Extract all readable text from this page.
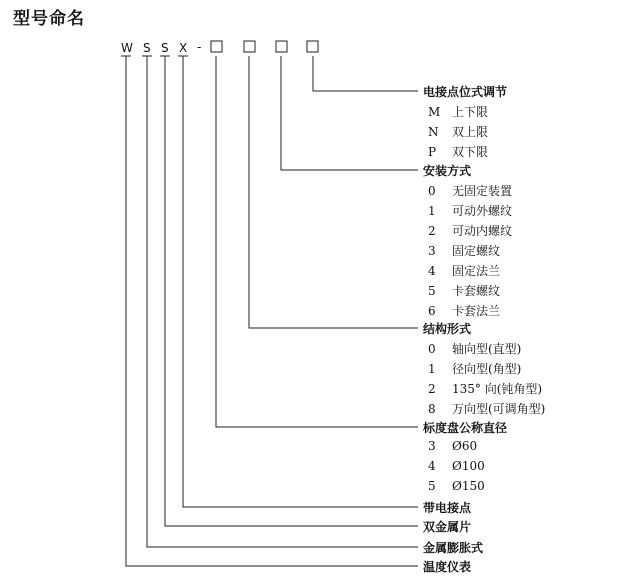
型号命名
W S S X -
电接点位式调节
M 上下限
N 双上限
P 双下限
安装方式
0 无固定装置
1 可动外螺纹
2 可动内螺纹
3 固定螺纹
4 固定法兰
5 卡套螺纹
6 卡套法兰
结构形式
0 轴向型(直型)
1 径向型(角型)
2 135° 向(钝角型)
8 万向型(可调角型)
标度盘公称直径
3 Ø60
4 Ø100
5 Ø150
带电接点
双金属片
金属膨胀式
温度仪表
